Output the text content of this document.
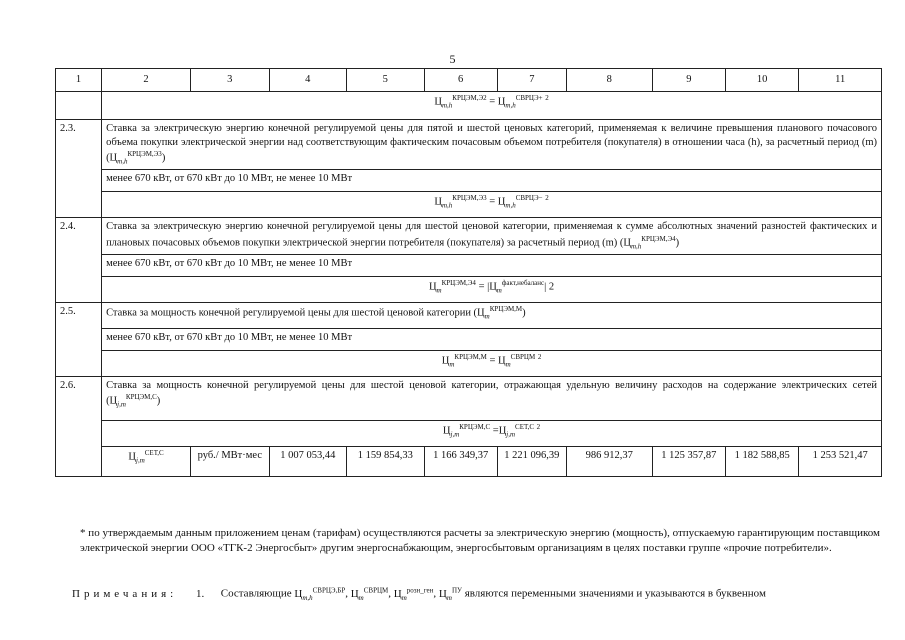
5
1	2	3	4	5	6	7	8	9	10	11
	$Ц_{m,h}^{КРЦЭМ,Э2} = Ц_{m,h}^{СВРЦЭ+}$ $^2$
2.3.	Ставка за электрическую энергию конечной регулируемой цены для пятой и шестой ценовых категорий, применяемая к величине превышения планового почасового объема покупки электрической энергии над соответствующим фактическим почасовым объемом потребителя (покупателя) в отношении часа (h), за расчетный период (m) $(Ц_{m,h}^{КРЦЭМ,Э3})$									
	менее 670 кВт, от 670 кВт до 10 МВт, не менее 10 МВт									
	$Ц_{m,h}^{КРЦЭМ,Э3} = Ц_{m,h}^{СВРЦЭ-}$ $^2$
2.4.	Ставка за электрическую энергию конечной регулируемой цены для шестой ценовой категории, применяемая к сумме абсолютных значений разностей фактических и плановых почасовых объемов покупки электрической энергии потребителя (покупателя) за расчетный период (m) $(Ц_{m,h}^{КРЦЭМ,Э4})$									
	менее 670 кВт, от 670 кВт до 10 МВт, не менее 10 МВт									
	$Ц_m^{КРЦЭМ,Э4} = |Ц_m^{факт,небаланс}|$ 2									
2.5.	Ставка за мощность конечной регулируемой цены для шестой ценовой категории $(Ц_m^{КРЦЭМ,М})$									
	менее 670 кВт, от 670 кВт до 10 МВт, не менее 10 МВт									
	$Ц_m^{КРЦЭМ,М} = Ц_m^{СВРЦМ}$ $^2$
2.6.	Ставка за мощность конечной регулируемой цены для шестой ценовой категории, отражающая удельную величину расходов на содержание электрических сетей $(Ц_{j,m}^{КРЦЭМ,С})$									
	$Ц_{j,m}^{КРЦЭМ,С} =Ц_{j,m}^{СЕТ,С}$ $^2$
	$Ц_{j,m}^{СЕТ,С}$	руб./ МВт·мес	1 007 053,44	1 159 854,33	1 166 349,37	1 221 096,39	986 912,37	1 125 357,87	1 182 588,85	1 253 521,47
* по утверждаемым данным приложением ценам (тарифам) осуществляются расчеты за электрическую энергию (мощность), отпускаемую гарантирующим поставщиком электрической энергии ООО «ТГК-2 Энергосбыт» другим энергоснабжающим, энергосбытовым организациям в целях поставки группе «прочие потребители».
Примечания: 1. Составляющие $Ц_{m,h}^{СВРЦЭ,БР}$, $Ц_m^{СВРЦМ}$, $Ц_m^{розн\_ген}$, $Ц_m^{ПУ}$ являются переменными значениями и указываются в буквенном
